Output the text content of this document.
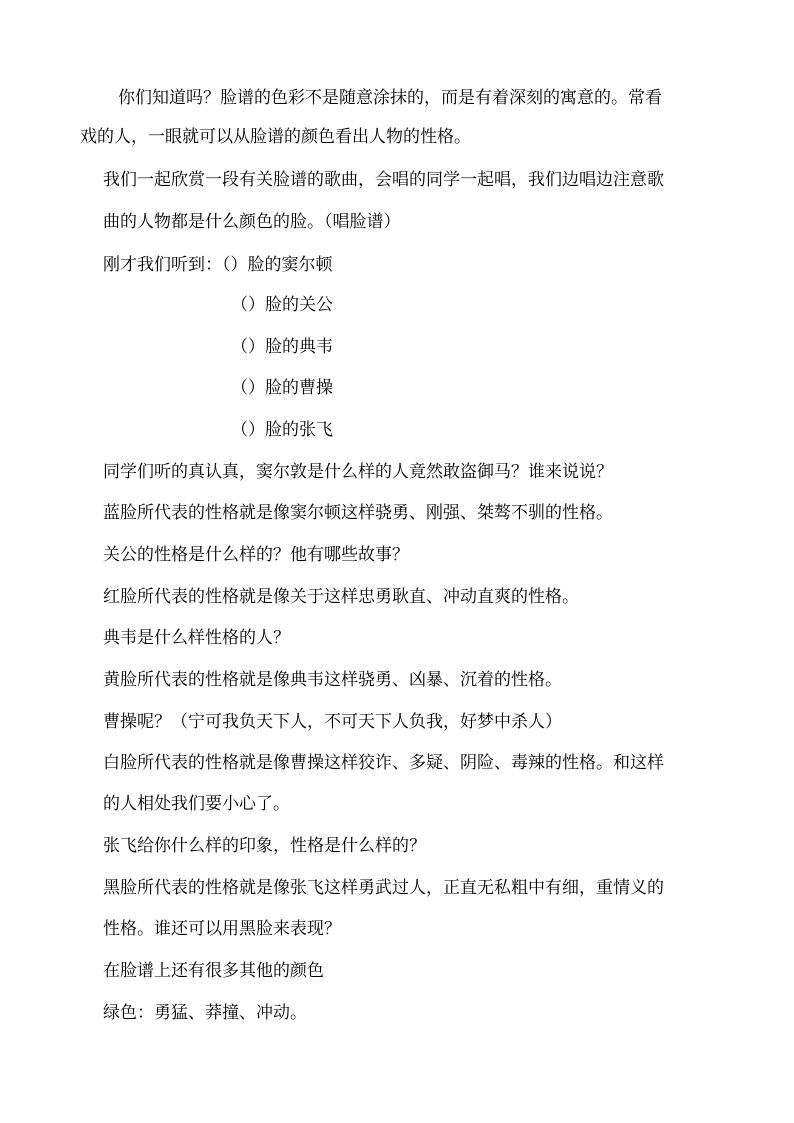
你们知道吗？脸谱的色彩不是随意涂抹的，而是有着深刻的寓意的。常看

戏的人，一眼就可以从脸谱的颜色看出人物的性格。

我们一起欣赏一段有关脸谱的歌曲，会唱的同学一起唱，我们边唱边注意歌

曲的人物都是什么颜色的脸。（唱脸谱）

刚才我们听到：（）脸的窦尔顿

（）脸的关公

（）脸的典韦

（）脸的曹操

（）脸的张飞

同学们听的真认真，窦尔敦是什么样的人竟然敢盗御马？谁来说说？

蓝脸所代表的性格就是像窦尔顿这样骁勇、刚强、桀骜不驯的性格。

关公的性格是什么样的？他有哪些故事？

红脸所代表的性格就是像关于这样忠勇耿直、冲动直爽的性格。

典韦是什么样性格的人？

黄脸所代表的性格就是像典韦这样骁勇、凶暴、沉着的性格。

曹操呢？（宁可我负天下人，不可天下人负我，好梦中杀人）

白脸所代表的性格就是像曹操这样狡诈、多疑、阴险、毒辣的性格。和这样

的人相处我们要小心了。

张飞给你什么样的印象，性格是什么样的？

黑脸所代表的性格就是像张飞这样勇武过人，正直无私粗中有细，重情义的

性格。谁还可以用黑脸来表现？

在脸谱上还有很多其他的颜色

绿色：勇猛、莽撞、冲动。
